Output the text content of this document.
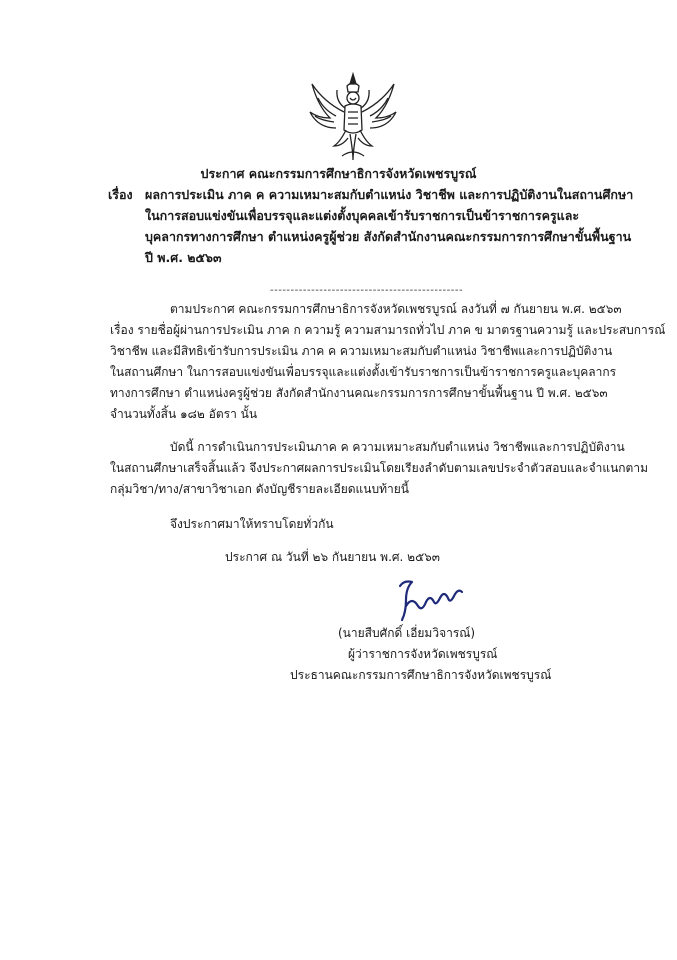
ประกาศ คณะกรรมการศึกษาธิการจังหวัดเพชรบูรณ์
เรื่อง ผลการประเมิน ภาค ค ความเหมาะสมกับตำแหน่ง วิชาชีพ และการปฏิบัติงานในสถานศึกษา
ในการสอบแข่งขันเพื่อบรรจุและแต่งตั้งบุคคลเข้ารับราชการเป็นข้าราชการครูและ
บุคลากรทางการศึกษา ตำแหน่งครูผู้ช่วย สังกัดสำนักงานคณะกรรมการการศึกษาขั้นพื้นฐาน
ปี พ.ศ. ๒๕๖๓
-----------------------------------------------
ตามประกาศ คณะกรรมการศึกษาธิการจังหวัดเพชรบูรณ์ ลงวันที่ ๗ กันยายน พ.ศ. ๒๕๖๓
เรื่อง รายชื่อผู้ผ่านการประเมิน ภาค ก ความรู้ ความสามารถทั่วไป ภาค ข มาตรฐานความรู้ และประสบการณ์
วิชาชีพ และมีสิทธิเข้ารับการประเมิน ภาค ค ความเหมาะสมกับตำแหน่ง วิชาชีพและการปฏิบัติงาน
ในสถานศึกษา ในการสอบแข่งขันเพื่อบรรจุและแต่งตั้งเข้ารับราชการเป็นข้าราชการครูและบุคลากร
ทางการศึกษา ตำแหน่งครูผู้ช่วย สังกัดสำนักงานคณะกรรมการการศึกษาขั้นพื้นฐาน ปี พ.ศ. ๒๕๖๓
จำนวนทั้งสิ้น ๑๘๒ อัตรา นั้น
บัดนี้ การดำเนินการประเมินภาค ค ความเหมาะสมกับตำแหน่ง วิชาชีพและการปฏิบัติงาน
ในสถานศึกษาเสร็จสิ้นแล้ว จึงประกาศผลการประเมินโดยเรียงลำดับตามเลขประจำตัวสอบและจำแนกตาม
กลุ่มวิชา/ทาง/สาขาวิชาเอก ดังบัญชีรายละเอียดแนบท้ายนี้
จึงประกาศมาให้ทราบโดยทั่วกัน
ประกาศ ณ วันที่ ๒๖ กันยายน พ.ศ. ๒๕๖๓
(นายสืบศักดิ์ เอี่ยมวิจารณ์)
ผู้ว่าราชการจังหวัดเพชรบูรณ์
ประธานคณะกรรมการศึกษาธิการจังหวัดเพชรบูรณ์
